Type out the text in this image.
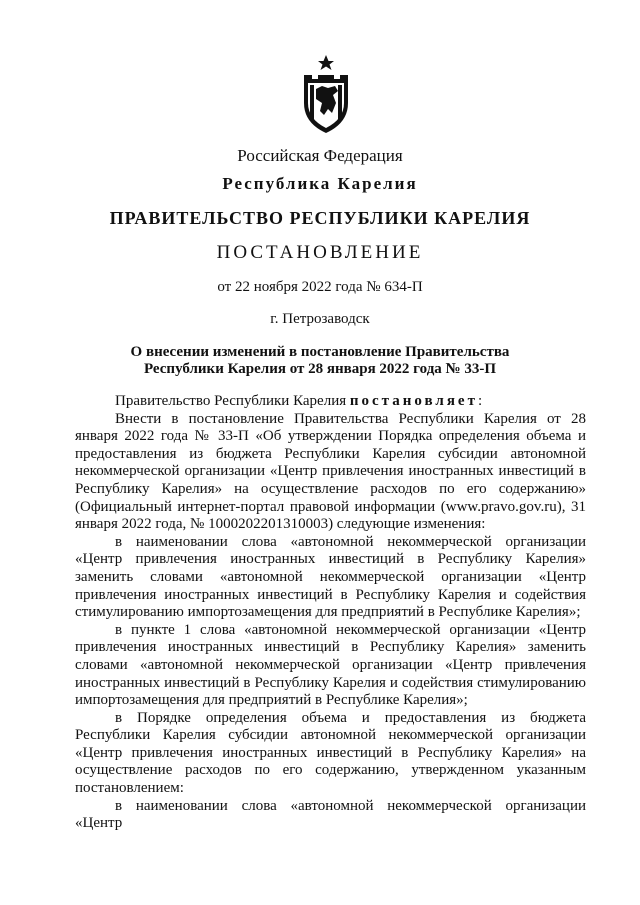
Российская Федерация
Республика Карелия
ПРАВИТЕЛЬСТВО РЕСПУБЛИКИ КАРЕЛИЯ
ПОСТАНОВЛЕНИЕ
от 22 ноября 2022 года № 634-П
г. Петрозаводск
О внесении изменений в постановление Правительства
Республики Карелия от 28 января 2022 года № 33-П

Правительство Республики Карелия постановляет:

Внести в постановление Правительства Республики Карелия от 28 января 2022 года № 33-П «Об утверждении Порядка определения объема и предоставления из бюджета Республики Карелия субсидии автономной некоммерческой организации «Центр привлечения иностранных инвестиций в Республику Карелия» на осуществление расходов по его содержанию» (Официальный интернет-портал правовой информации (www.pravo.gov.ru), 31 января 2022 года, № 1000202201310003) следующие изменения:

в наименовании слова «автономной некоммерческой организации «Центр привлечения иностранных инвестиций в Республику Карелия» заменить словами «автономной некоммерческой организации «Центр привлечения иностранных инвестиций в Республику Карелия и содействия стимулированию импортозамещения для предприятий в Республике Карелия»;

в пункте 1 слова «автономной некоммерческой организации «Центр привлечения иностранных инвестиций в Республику Карелия» заменить словами «автономной некоммерческой организации «Центр привлечения иностранных инвестиций в Республику Карелия и содействия стимулированию импортозамещения для предприятий в Республике Карелия»;

в Порядке определения объема и предоставления из бюджета Республики Карелия субсидии автономной некоммерческой организации «Центр привлечения иностранных инвестиций в Республику Карелия» на осуществление расходов по его содержанию, утвержденном указанным постановлением:

в наименовании слова «автономной некоммерческой организации «Центр
